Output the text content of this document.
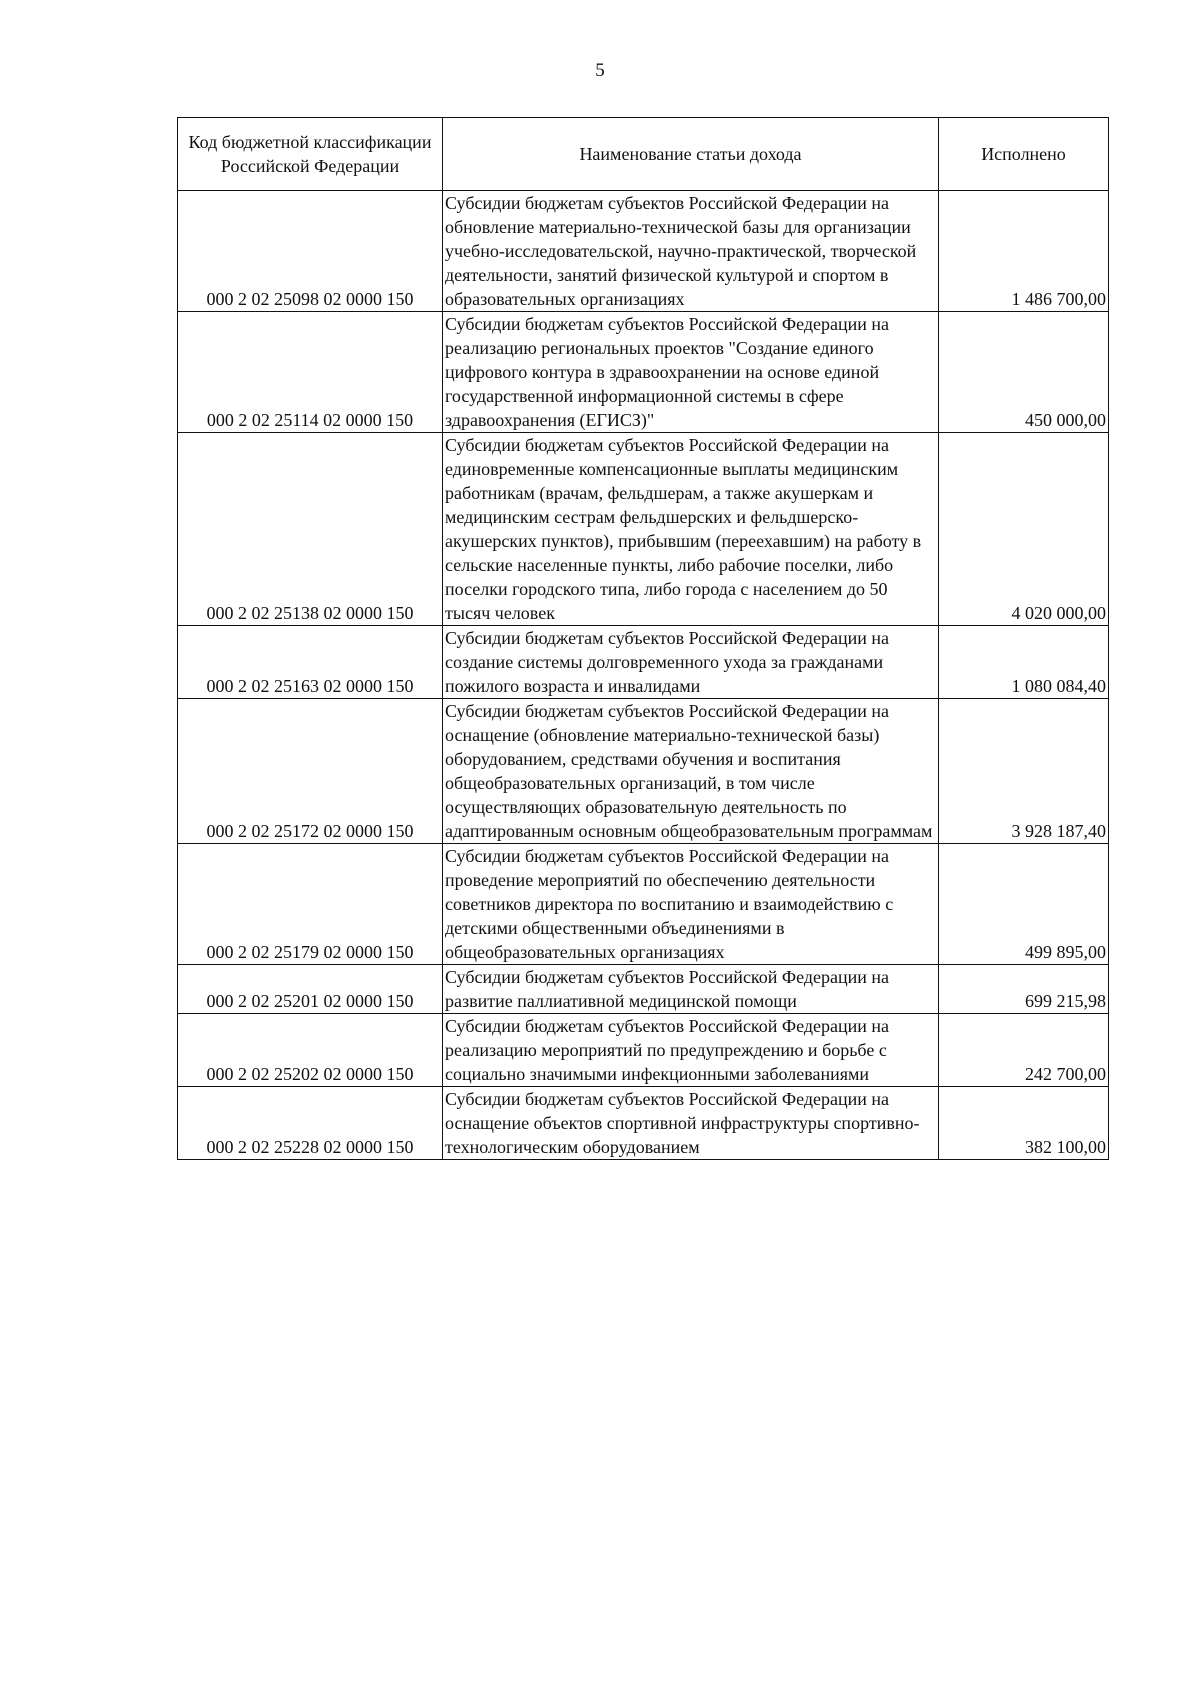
5
Код бюджетной классификации Российской Федерации	Наименование статьи дохода	Исполнено
000 2 02 25098 02 0000 150	Субсидии бюджетам субъектов Российской Федерации на обновление материально-технической базы для организации учебно-исследовательской, научно-практической, творческой деятельности, занятий физической культурой и спортом в образовательных организациях	1 486 700,00
000 2 02 25114 02 0000 150	Субсидии бюджетам субъектов Российской Федерации на реализацию региональных проектов "Создание единого цифрового контура в здравоохранении на основе единой государственной информационной системы в сфере здравоохранения (ЕГИСЗ)"	450 000,00
000 2 02 25138 02 0000 150	Субсидии бюджетам субъектов Российской Федерации на единовременные компенсационные выплаты медицинским работникам (врачам, фельдшерам, а также акушеркам и медицинским сестрам фельдшерских и фельдшерско-акушерских пунктов), прибывшим (переехавшим) на работу в сельские населенные пункты, либо рабочие поселки, либо поселки городского типа, либо города с населением до 50 тысяч человек	4 020 000,00
000 2 02 25163 02 0000 150	Субсидии бюджетам субъектов Российской Федерации на создание системы долговременного ухода за гражданами пожилого возраста и инвалидами	1 080 084,40
000 2 02 25172 02 0000 150	Субсидии бюджетам субъектов Российской Федерации на оснащение (обновление материально-технической базы) оборудованием, средствами обучения и воспитания общеобразовательных организаций, в том числе осуществляющих образовательную деятельность по адаптированным основным общеобразовательным программам	3 928 187,40
000 2 02 25179 02 0000 150	Субсидии бюджетам субъектов Российской Федерации на проведение мероприятий по обеспечению деятельности советников директора по воспитанию и взаимодействию с детскими общественными объединениями в общеобразовательных организациях	499 895,00
000 2 02 25201 02 0000 150	Субсидии бюджетам субъектов Российской Федерации на развитие паллиативной медицинской помощи	699 215,98
000 2 02 25202 02 0000 150	Субсидии бюджетам субъектов Российской Федерации на реализацию мероприятий по предупреждению и борьбе с социально значимыми инфекционными заболеваниями	242 700,00
000 2 02 25228 02 0000 150	Субсидии бюджетам субъектов Российской Федерации на оснащение объектов спортивной инфраструктуры спортивно-технологическим оборудованием	382 100,00
